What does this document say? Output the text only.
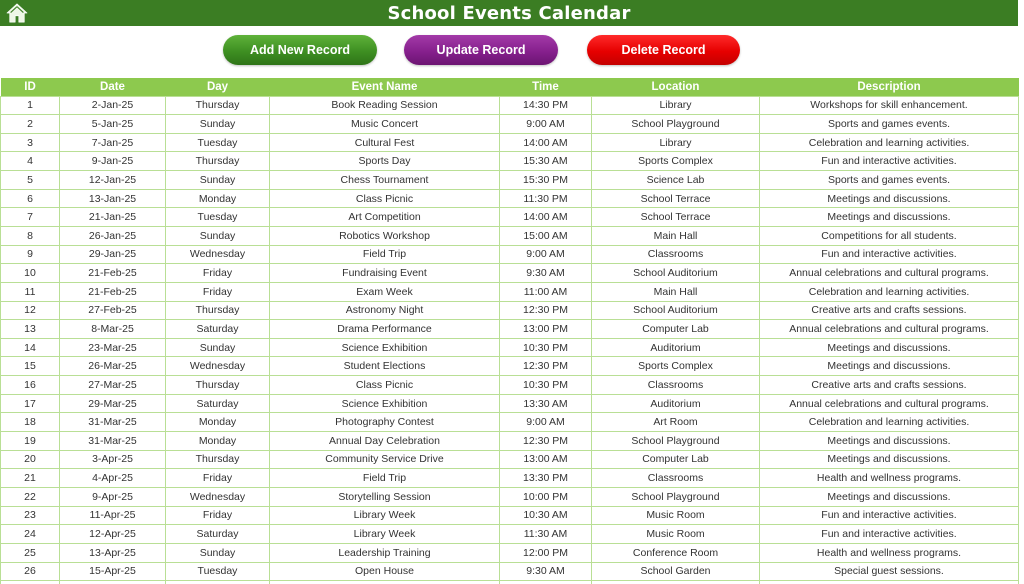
School Events Calendar
Add New Record	Update Record	Delete Record
ID	Date	Day	Event Name	Time	Location	Description
1	2-Jan-25	Thursday	Book Reading Session	14:30 PM	Library	Workshops for skill enhancement.
2	5-Jan-25	Sunday	Music Concert	9:00 AM	School Playground	Sports and games events.
3	7-Jan-25	Tuesday	Cultural Fest	14:00 AM	Library	Celebration and learning activities.
4	9-Jan-25	Thursday	Sports Day	15:30 AM	Sports Complex	Fun and interactive activities.
5	12-Jan-25	Sunday	Chess Tournament	15:30 PM	Science Lab	Sports and games events.
6	13-Jan-25	Monday	Class Picnic	11:30 PM	School Terrace	Meetings and discussions.
7	21-Jan-25	Tuesday	Art Competition	14:00 AM	School Terrace	Meetings and discussions.
8	26-Jan-25	Sunday	Robotics Workshop	15:00 AM	Main Hall	Competitions for all students.
9	29-Jan-25	Wednesday	Field Trip	9:00 AM	Classrooms	Fun and interactive activities.
10	21-Feb-25	Friday	Fundraising Event	9:30 AM	School Auditorium	Annual celebrations and cultural programs.
11	21-Feb-25	Friday	Exam Week	11:00 AM	Main Hall	Celebration and learning activities.
12	27-Feb-25	Thursday	Astronomy Night	12:30 PM	School Auditorium	Creative arts and crafts sessions.
13	8-Mar-25	Saturday	Drama Performance	13:00 PM	Computer Lab	Annual celebrations and cultural programs.
14	23-Mar-25	Sunday	Science Exhibition	10:30 PM	Auditorium	Meetings and discussions.
15	26-Mar-25	Wednesday	Student Elections	12:30 PM	Sports Complex	Meetings and discussions.
16	27-Mar-25	Thursday	Class Picnic	10:30 PM	Classrooms	Creative arts and crafts sessions.
17	29-Mar-25	Saturday	Science Exhibition	13:30 AM	Auditorium	Annual celebrations and cultural programs.
18	31-Mar-25	Monday	Photography Contest	9:00 AM	Art Room	Celebration and learning activities.
19	31-Mar-25	Monday	Annual Day Celebration	12:30 PM	School Playground	Meetings and discussions.
20	3-Apr-25	Thursday	Community Service Drive	13:00 AM	Computer Lab	Meetings and discussions.
21	4-Apr-25	Friday	Field Trip	13:30 PM	Classrooms	Health and wellness programs.
22	9-Apr-25	Wednesday	Storytelling Session	10:00 PM	School Playground	Meetings and discussions.
23	11-Apr-25	Friday	Library Week	10:30 AM	Music Room	Fun and interactive activities.
24	12-Apr-25	Saturday	Library Week	11:30 AM	Music Room	Fun and interactive activities.
25	13-Apr-25	Sunday	Leadership Training	12:00 PM	Conference Room	Health and wellness programs.
26	15-Apr-25	Tuesday	Open House	9:30 AM	School Garden	Special guest sessions.
